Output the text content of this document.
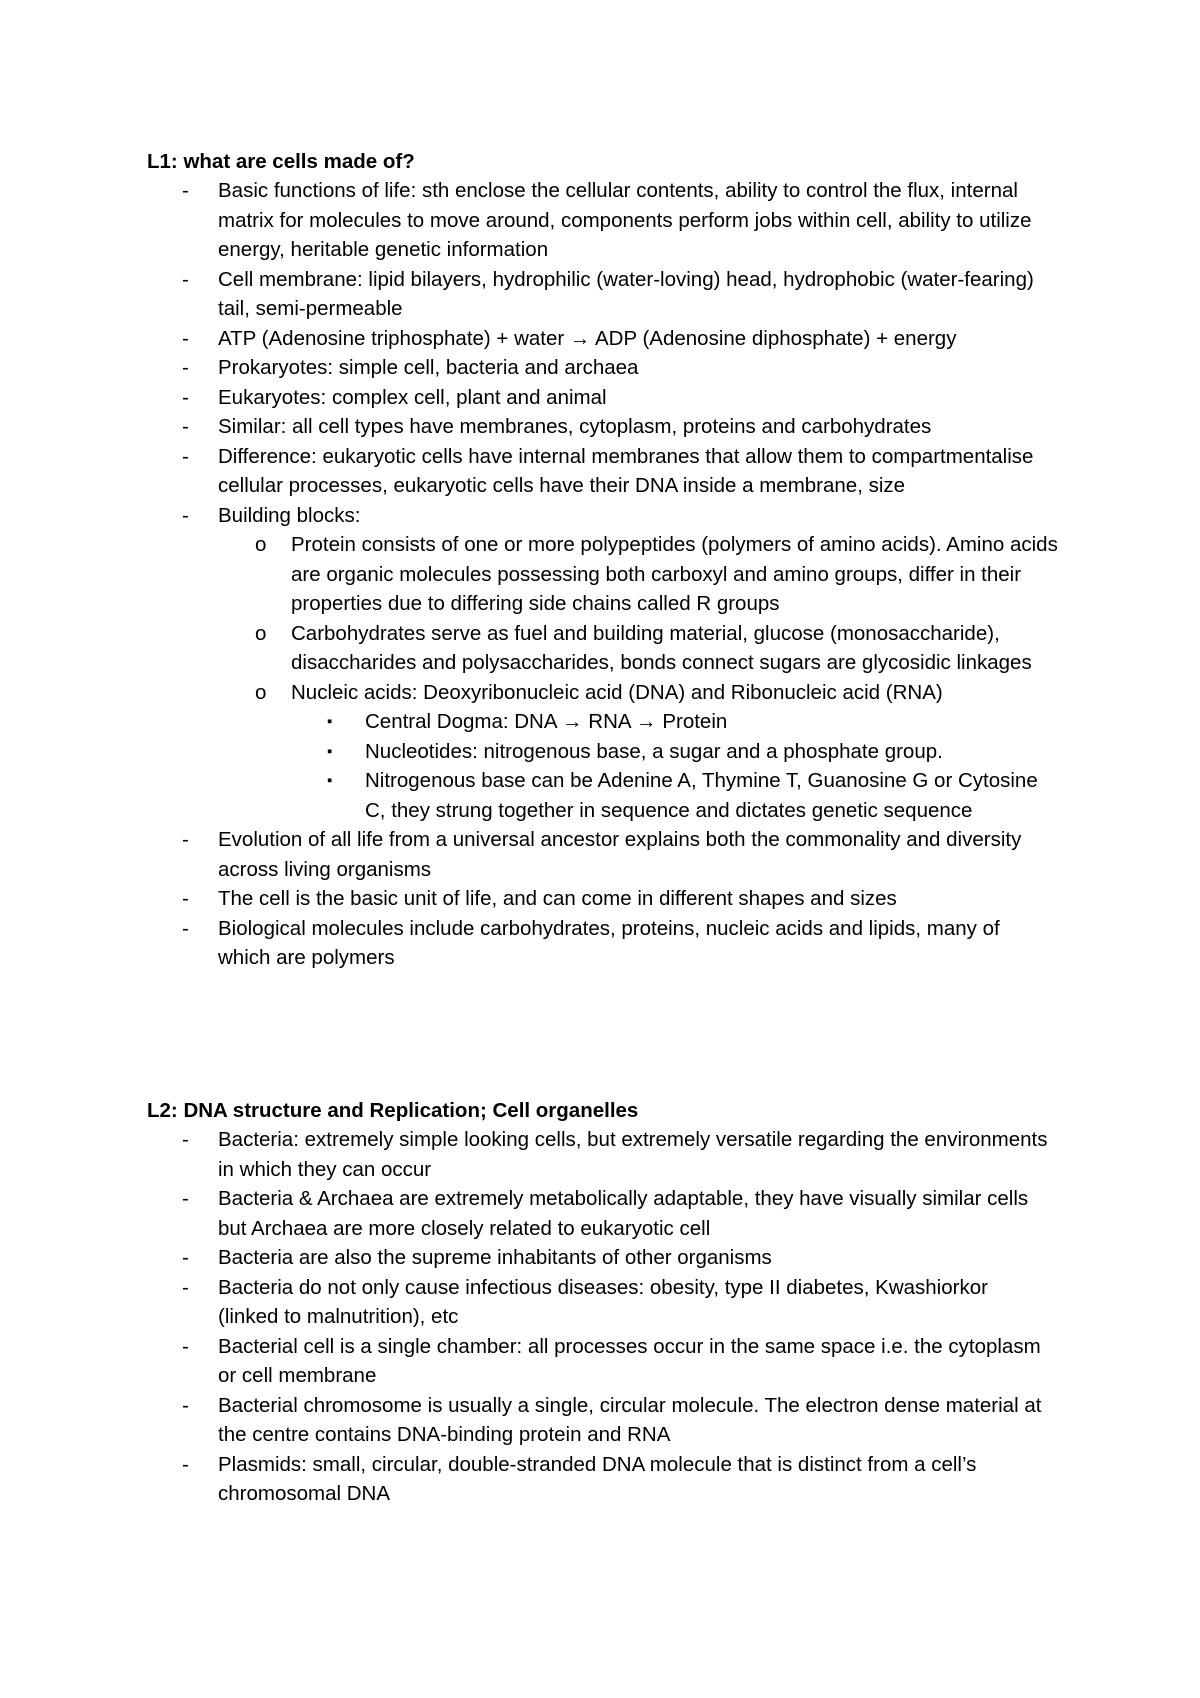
L1: what are cells made of?
- Basic functions of life: sth enclose the cellular contents, ability to control the flux, internal matrix for molecules to move around, components perform jobs within cell, ability to utilize energy, heritable genetic information
- Cell membrane: lipid bilayers, hydrophilic (water-loving) head, hydrophobic (water-fearing) tail, semi-permeable
- ATP (Adenosine triphosphate) + water → ADP (Adenosine diphosphate) + energy
- Prokaryotes: simple cell, bacteria and archaea
- Eukaryotes: complex cell, plant and animal
- Similar: all cell types have membranes, cytoplasm, proteins and carbohydrates
- Difference: eukaryotic cells have internal membranes that allow them to compartmentalise cellular processes, eukaryotic cells have their DNA inside a membrane, size
- Building blocks:
o Protein consists of one or more polypeptides (polymers of amino acids). Amino acids are organic molecules possessing both carboxyl and amino groups, differ in their properties due to differing side chains called R groups
o Carbohydrates serve as fuel and building material, glucose (monosaccharide), disaccharides and polysaccharides, bonds connect sugars are glycosidic linkages
o Nucleic acids: Deoxyribonucleic acid (DNA) and Ribonucleic acid (RNA)
▪ Central Dogma: DNA → RNA → Protein
▪ Nucleotides: nitrogenous base, a sugar and a phosphate group.
▪ Nitrogenous base can be Adenine A, Thymine T, Guanosine G or Cytosine C, they strung together in sequence and dictates genetic sequence
- Evolution of all life from a universal ancestor explains both the commonality and diversity across living organisms
- The cell is the basic unit of life, and can come in different shapes and sizes
- Biological molecules include carbohydrates, proteins, nucleic acids and lipids, many of which are polymers
L2: DNA structure and Replication; Cell organelles
- Bacteria: extremely simple looking cells, but extremely versatile regarding the environments in which they can occur
- Bacteria & Archaea are extremely metabolically adaptable, they have visually similar cells but Archaea are more closely related to eukaryotic cell
- Bacteria are also the supreme inhabitants of other organisms
- Bacteria do not only cause infectious diseases: obesity, type II diabetes, Kwashiorkor (linked to malnutrition), etc
- Bacterial cell is a single chamber: all processes occur in the same space i.e. the cytoplasm or cell membrane
- Bacterial chromosome is usually a single, circular molecule. The electron dense material at the centre contains DNA-binding protein and RNA
- Plasmids: small, circular, double-stranded DNA molecule that is distinct from a cell’s chromosomal DNA
